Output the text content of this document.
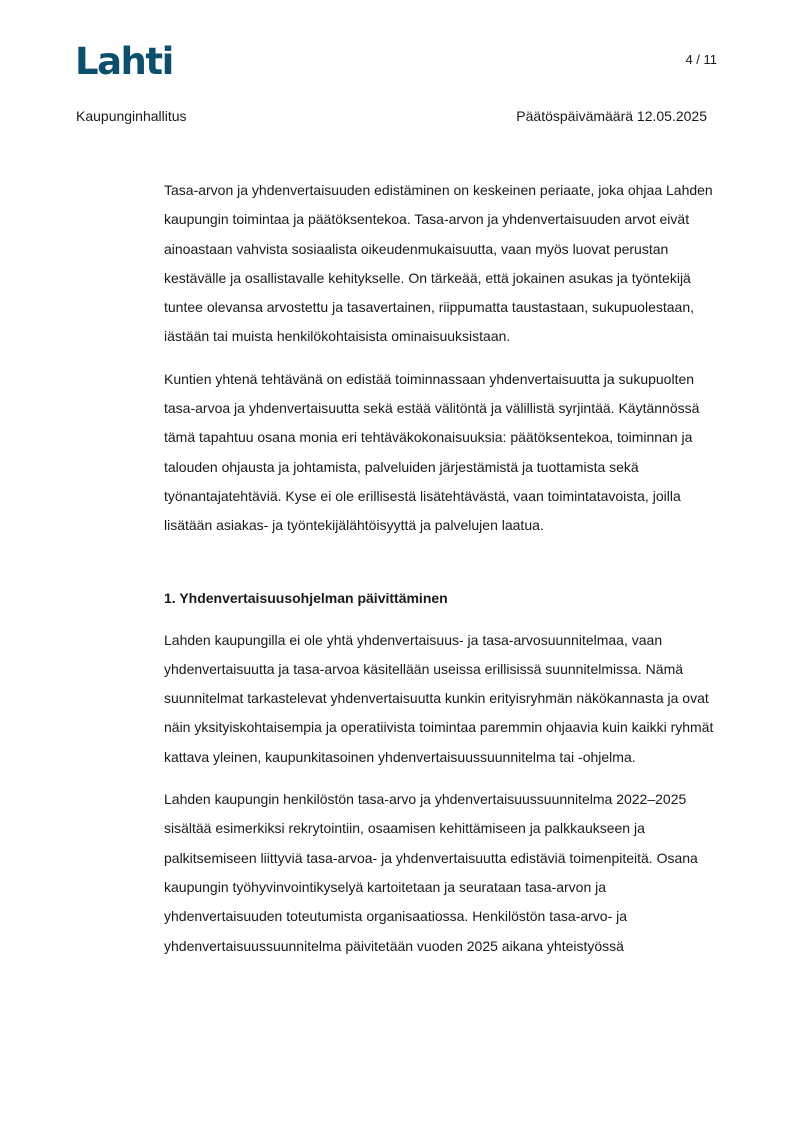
Lahti	4 / 11
Kaupunginhallitus	Päätöspäivämäärä 12.05.2025

Tasa-arvon ja yhdenvertaisuuden edistäminen on keskeinen periaate, joka ohjaa Lahden kaupungin toimintaa ja päätöksentekoa. Tasa-arvon ja yhdenvertaisuuden arvot eivät ainoastaan vahvista sosiaalista oikeudenmukaisuutta, vaan myös luovat perustan kestävälle ja osallistavalle kehitykselle. On tärkeää, että jokainen asukas ja työntekijä tuntee olevansa arvostettu ja tasavertainen, riippumatta taustastaan, sukupuolestaan, iästään tai muista henkilökohtaisista ominaisuuksistaan.

Kuntien yhtenä tehtävänä on edistää toiminnassaan yhdenvertaisuutta ja sukupuolten tasa-arvoa ja yhdenvertaisuutta sekä estää välitöntä ja välillistä syrjintää. Käytännössä tämä tapahtuu osana monia eri tehtäväkokonaisuuksia: päätöksentekoa, toiminnan ja talouden ohjausta ja johtamista, palveluiden järjestämistä ja tuottamista sekä työnantajatehtäviä. Kyse ei ole erillisestä lisätehtävästä, vaan toimintatavoista, joilla lisätään asiakas- ja työntekijälähtöisyyttä ja palvelujen laatua.

1. Yhdenvertaisuusohjelman päivittäminen

Lahden kaupungilla ei ole yhtä yhdenvertaisuus- ja tasa-arvosuunnitelmaa, vaan yhdenvertaisuutta ja tasa-arvoa käsitellään useissa erillisissä suunnitelmissa. Nämä suunnitelmat tarkastelevat yhdenvertaisuutta kunkin erityisryhmän näkökannasta ja ovat näin yksityiskohtaisempia ja operatiivista toimintaa paremmin ohjaavia kuin kaikki ryhmät kattava yleinen, kaupunkitasoinen yhdenvertaisuussuunnitelma tai -ohjelma.

Lahden kaupungin henkilöstön tasa-arvo ja yhdenvertaisuussuunnitelma 2022–2025 sisältää esimerkiksi rekrytointiin, osaamisen kehittämiseen ja palkkaukseen ja palkitsemiseen liittyviä tasa-arvoa- ja yhdenvertaisuutta edistäviä toimenpiteitä. Osana kaupungin työhyvinvointikyselyä kartoitetaan ja seurataan tasa-arvon ja yhdenvertaisuuden toteutumista organisaatiossa. Henkilöstön tasa-arvo- ja yhdenvertaisuussuunnitelma päivitetään vuoden 2025 aikana yhteistyössä
